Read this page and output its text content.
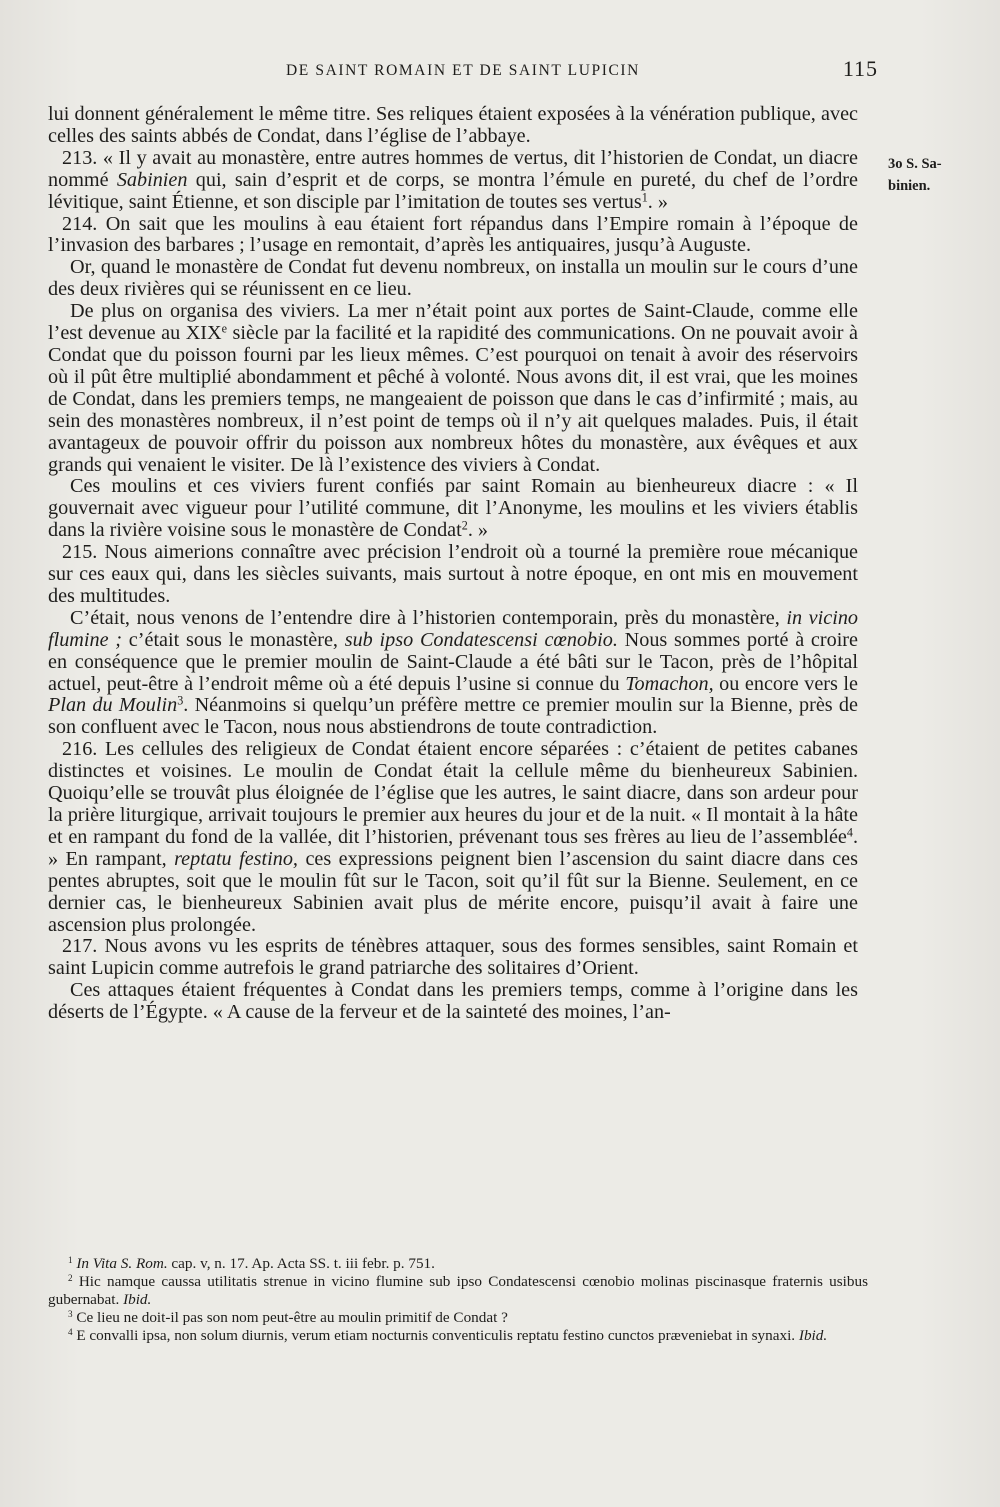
DE SAINT ROMAIN ET DE SAINT LUPICIN	115
3o S. Sa-
binien.

lui donnent généralement le même titre. Ses reliques étaient exposées à la vénération publique, avec celles des saints abbés de Condat, dans l’église de l’abbaye.

213. « Il y avait au monastère, entre autres hommes de vertus, dit l’historien de Condat, un diacre nommé Sabinien qui, sain d’esprit et de corps, se montra l’émule en pureté, du chef de l’ordre lévitique, saint Étienne, et son disciple par l’imitation de toutes ses vertus$^1$. »

214. On sait que les moulins à eau étaient fort répandus dans l’Empire romain à l’époque de l’invasion des barbares ; l’usage en remontait, d’après les antiquaires, jusqu’à Auguste.

Or, quand le monastère de Condat fut devenu nombreux, on installa un moulin sur le cours d’une des deux rivières qui se réunissent en ce lieu.

De plus on organisa des viviers. La mer n’était point aux portes de Saint-Claude, comme elle l’est devenue au XIXe siècle par la facilité et la rapidité des communications. On ne pouvait avoir à Condat que du poisson fourni par les lieux mêmes. C’est pourquoi on tenait à avoir des réservoirs où il pût être multiplié abondamment et pêché à volonté. Nous avons dit, il est vrai, que les moines de Condat, dans les premiers temps, ne mangeaient de poisson que dans le cas d’infirmité ; mais, au sein des monastères nombreux, il n’est point de temps où il n’y ait quelques malades. Puis, il était avantageux de pouvoir offrir du poisson aux nombreux hôtes du monastère, aux évêques et aux grands qui venaient le visiter. De là l’existence des viviers à Condat.

Ces moulins et ces viviers furent confiés par saint Romain au bienheureux diacre : « Il gouvernait avec vigueur pour l’utilité commune, dit l’Anonyme, les moulins et les viviers établis dans la rivière voisine sous le monastère de Condat$^2$. »

215. Nous aimerions connaître avec précision l’endroit où a tourné la première roue mécanique sur ces eaux qui, dans les siècles suivants, mais surtout à notre époque, en ont mis en mouvement des multitudes.

C’était, nous venons de l’entendre dire à l’historien contemporain, près du monastère, in vicino flumine ; c’était sous le monastère, sub ipso Condatescensi cœnobio. Nous sommes porté à croire en conséquence que le premier moulin de Saint-Claude a été bâti sur le Tacon, près de l’hôpital actuel, peut-être à l’endroit même où a été depuis l’usine si connue du Tomachon, ou encore vers le Plan du Moulin$^3$. Néanmoins si quelqu’un préfère mettre ce premier moulin sur la Bienne, près de son confluent avec le Tacon, nous nous abstiendrons de toute contradiction.

216. Les cellules des religieux de Condat étaient encore séparées : c’étaient de petites cabanes distinctes et voisines. Le moulin de Condat était la cellule même du bienheureux Sabinien. Quoiqu’elle se trouvât plus éloignée de l’église que les autres, le saint diacre, dans son ardeur pour la prière liturgique, arrivait toujours le premier aux heures du jour et de la nuit. « Il montait à la hâte et en rampant du fond de la vallée, dit l’historien, prévenant tous ses frères au lieu de l’assemblée$^4$. » En rampant, reptatu festino, ces expressions peignent bien l’ascension du saint diacre dans ces pentes abruptes, soit que le moulin fût sur le Tacon, soit qu’il fût sur la Bienne. Seulement, en ce dernier cas, le bienheureux Sabinien avait plus de mérite encore, puisqu’il avait à faire une ascension plus prolongée.

217. Nous avons vu les esprits de ténèbres attaquer, sous des formes sensibles, saint Romain et saint Lupicin comme autrefois le grand patriarche des solitaires d’Orient.

Ces attaques étaient fréquentes à Condat dans les premiers temps, comme à l’origine dans les déserts de l’Égypte. « A cause de la ferveur et de la sainteté des moines, l’an-

$^1$ In Vita S. Rom. cap. v, n. 17. Ap. Acta SS. t. iii febr. p. 751.

$^2$ Hic namque caussa utilitatis strenue in vicino flumine sub ipso Condatescensi cœnobio molinas piscinasque fraternis usibus gubernabat. Ibid.

$^3$ Ce lieu ne doit-il pas son nom peut-être au moulin primitif de Condat ?

$^4$ E convalli ipsa, non solum diurnis, verum etiam nocturnis conventiculis reptatu festino cunctos præveniebat in synaxi. Ibid.
